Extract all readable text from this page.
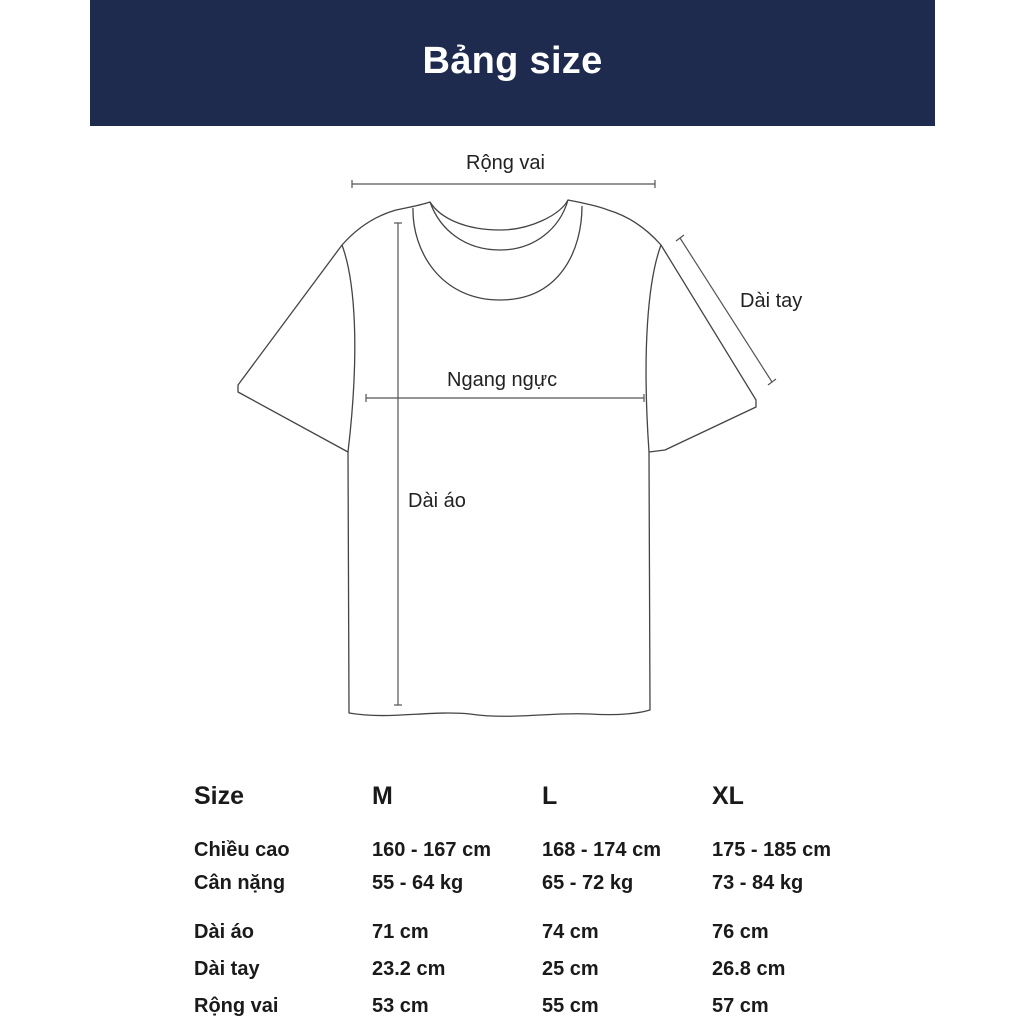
Bảng size
Rộng vai
Dài tay
Ngang ngực
Dài áo
Size	M	L	XL
Chiều cao	160 - 167 cm	168 - 174 cm	175 - 185 cm
Cân nặng	55 - 64 kg	65 - 72 kg	73 - 84 kg
Dài áo	71 cm	74 cm	76 cm
Dài tay	23.2 cm	25 cm	26.8 cm
Rộng vai	53 cm	55 cm	57 cm
